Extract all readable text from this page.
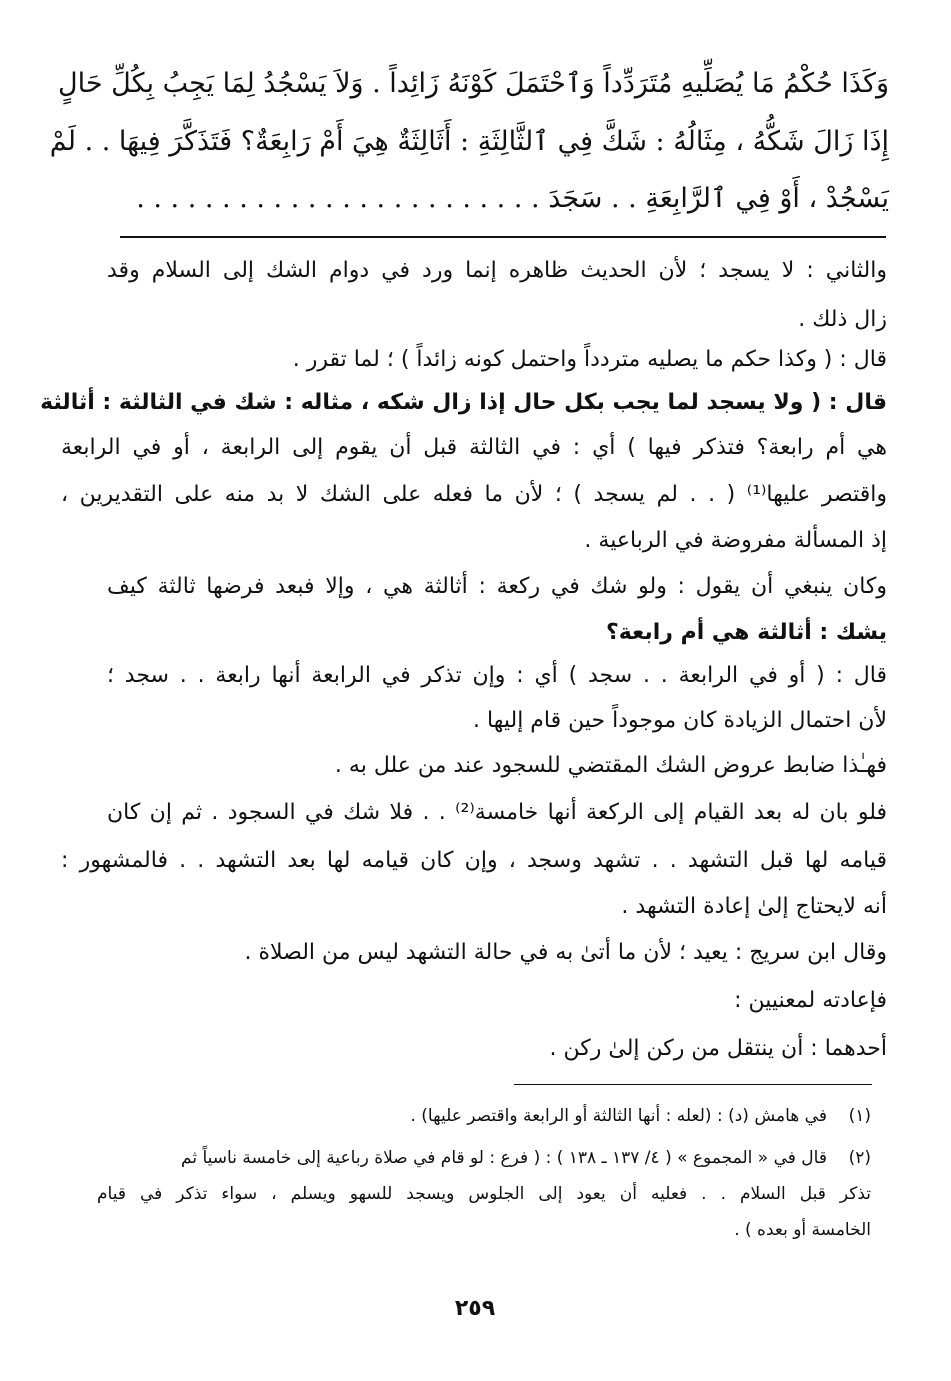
وَكَذَا حُكْمُ مَا يُصَلِّيهِ مُتَرَدِّداً وَٱحْتَمَلَ كَوْنَهُ زَائِداً . وَلاَ يَسْجُدُ لِمَا يَجِبُ بِكُلِّ حَالٍ
إِذَا زَالَ شَكُّهُ ، مِثَالُهُ : شَكَّ فِي ٱلثَّالِثَةِ : أَثَالِثَةٌ هِيَ أَمْ رَابِعَةٌ؟ فَتَذَكَّرَ فِيهَا . . لَمْ
يَسْجُدْ ، أَوْ فِي ٱلرَّابِعَةِ . . سَجَدَ . . . . . . . . . . . . . . . . . . . . . . . .
والثاني : لا يسجد ؛ لأن الحديث ظاهره إنما ورد في دوام الشك إلى السلام وقد
زال ذلك .
قال : ( وكذا حكم ما يصليه متردداً واحتمل كونه زائداً ) ؛ لما تقرر .
قال : ( ولا يسجد لما يجب بكل حال إذا زال شكه ، مثاله : شك في الثالثة : أثالثة
هي أم رابعة؟ فتذكر فيها ) أي : في الثالثة قبل أن يقوم إلى الرابعة ، أو في الرابعة
واقتصر عليها⁽¹⁾ ( . . لم يسجد ) ؛ لأن ما فعله على الشك لا بد منه على التقديرين ،
إذ المسألة مفروضة في الرباعية .
وكان ينبغي أن يقول : ولو شك في ركعة : أثالثة هي ، وإلا فبعد فرضها ثالثة كيف
يشك : أثالثة هي أم رابعة؟
قال : ( أو في الرابعة . . سجد ) أي : وإن تذكر في الرابعة أنها رابعة . . سجد ؛
لأن احتمال الزيادة كان موجوداً حين قام إليها .
فهـٰذا ضابط عروض الشك المقتضي للسجود عند من علل به .
فلو بان له بعد القيام إلى الركعة أنها خامسة⁽²⁾ . . فلا شك في السجود . ثم إن كان
قيامه لها قبل التشهد . . تشهد وسجد ، وإن كان قيامه لها بعد التشهد . . فالمشهور :
أنه لايحتاج إلىٰ إعادة التشهد .
وقال ابن سريج : يعيد ؛ لأن ما أتىٰ به في حالة التشهد ليس من الصلاة .
فإعادته لمعنيين :
أحدهما : أن ينتقل من ركن إلىٰ ركن .
(١)    في هامش (د) : (لعله : أنها الثالثة أو الرابعة واقتصر عليها) .
(٢)    قال في « المجموع » ( ٤/ ١٣٧ ـ ١٣٨ ) : ( فرع : لو قام في صلاة رباعية إلى خامسة ناسياً ثم
تذكر قبل السلام . . فعليه أن يعود إلى الجلوس ويسجد للسهو ويسلم ، سواء تذكر في قيام
الخامسة أو بعده ) .
٢٥٩
